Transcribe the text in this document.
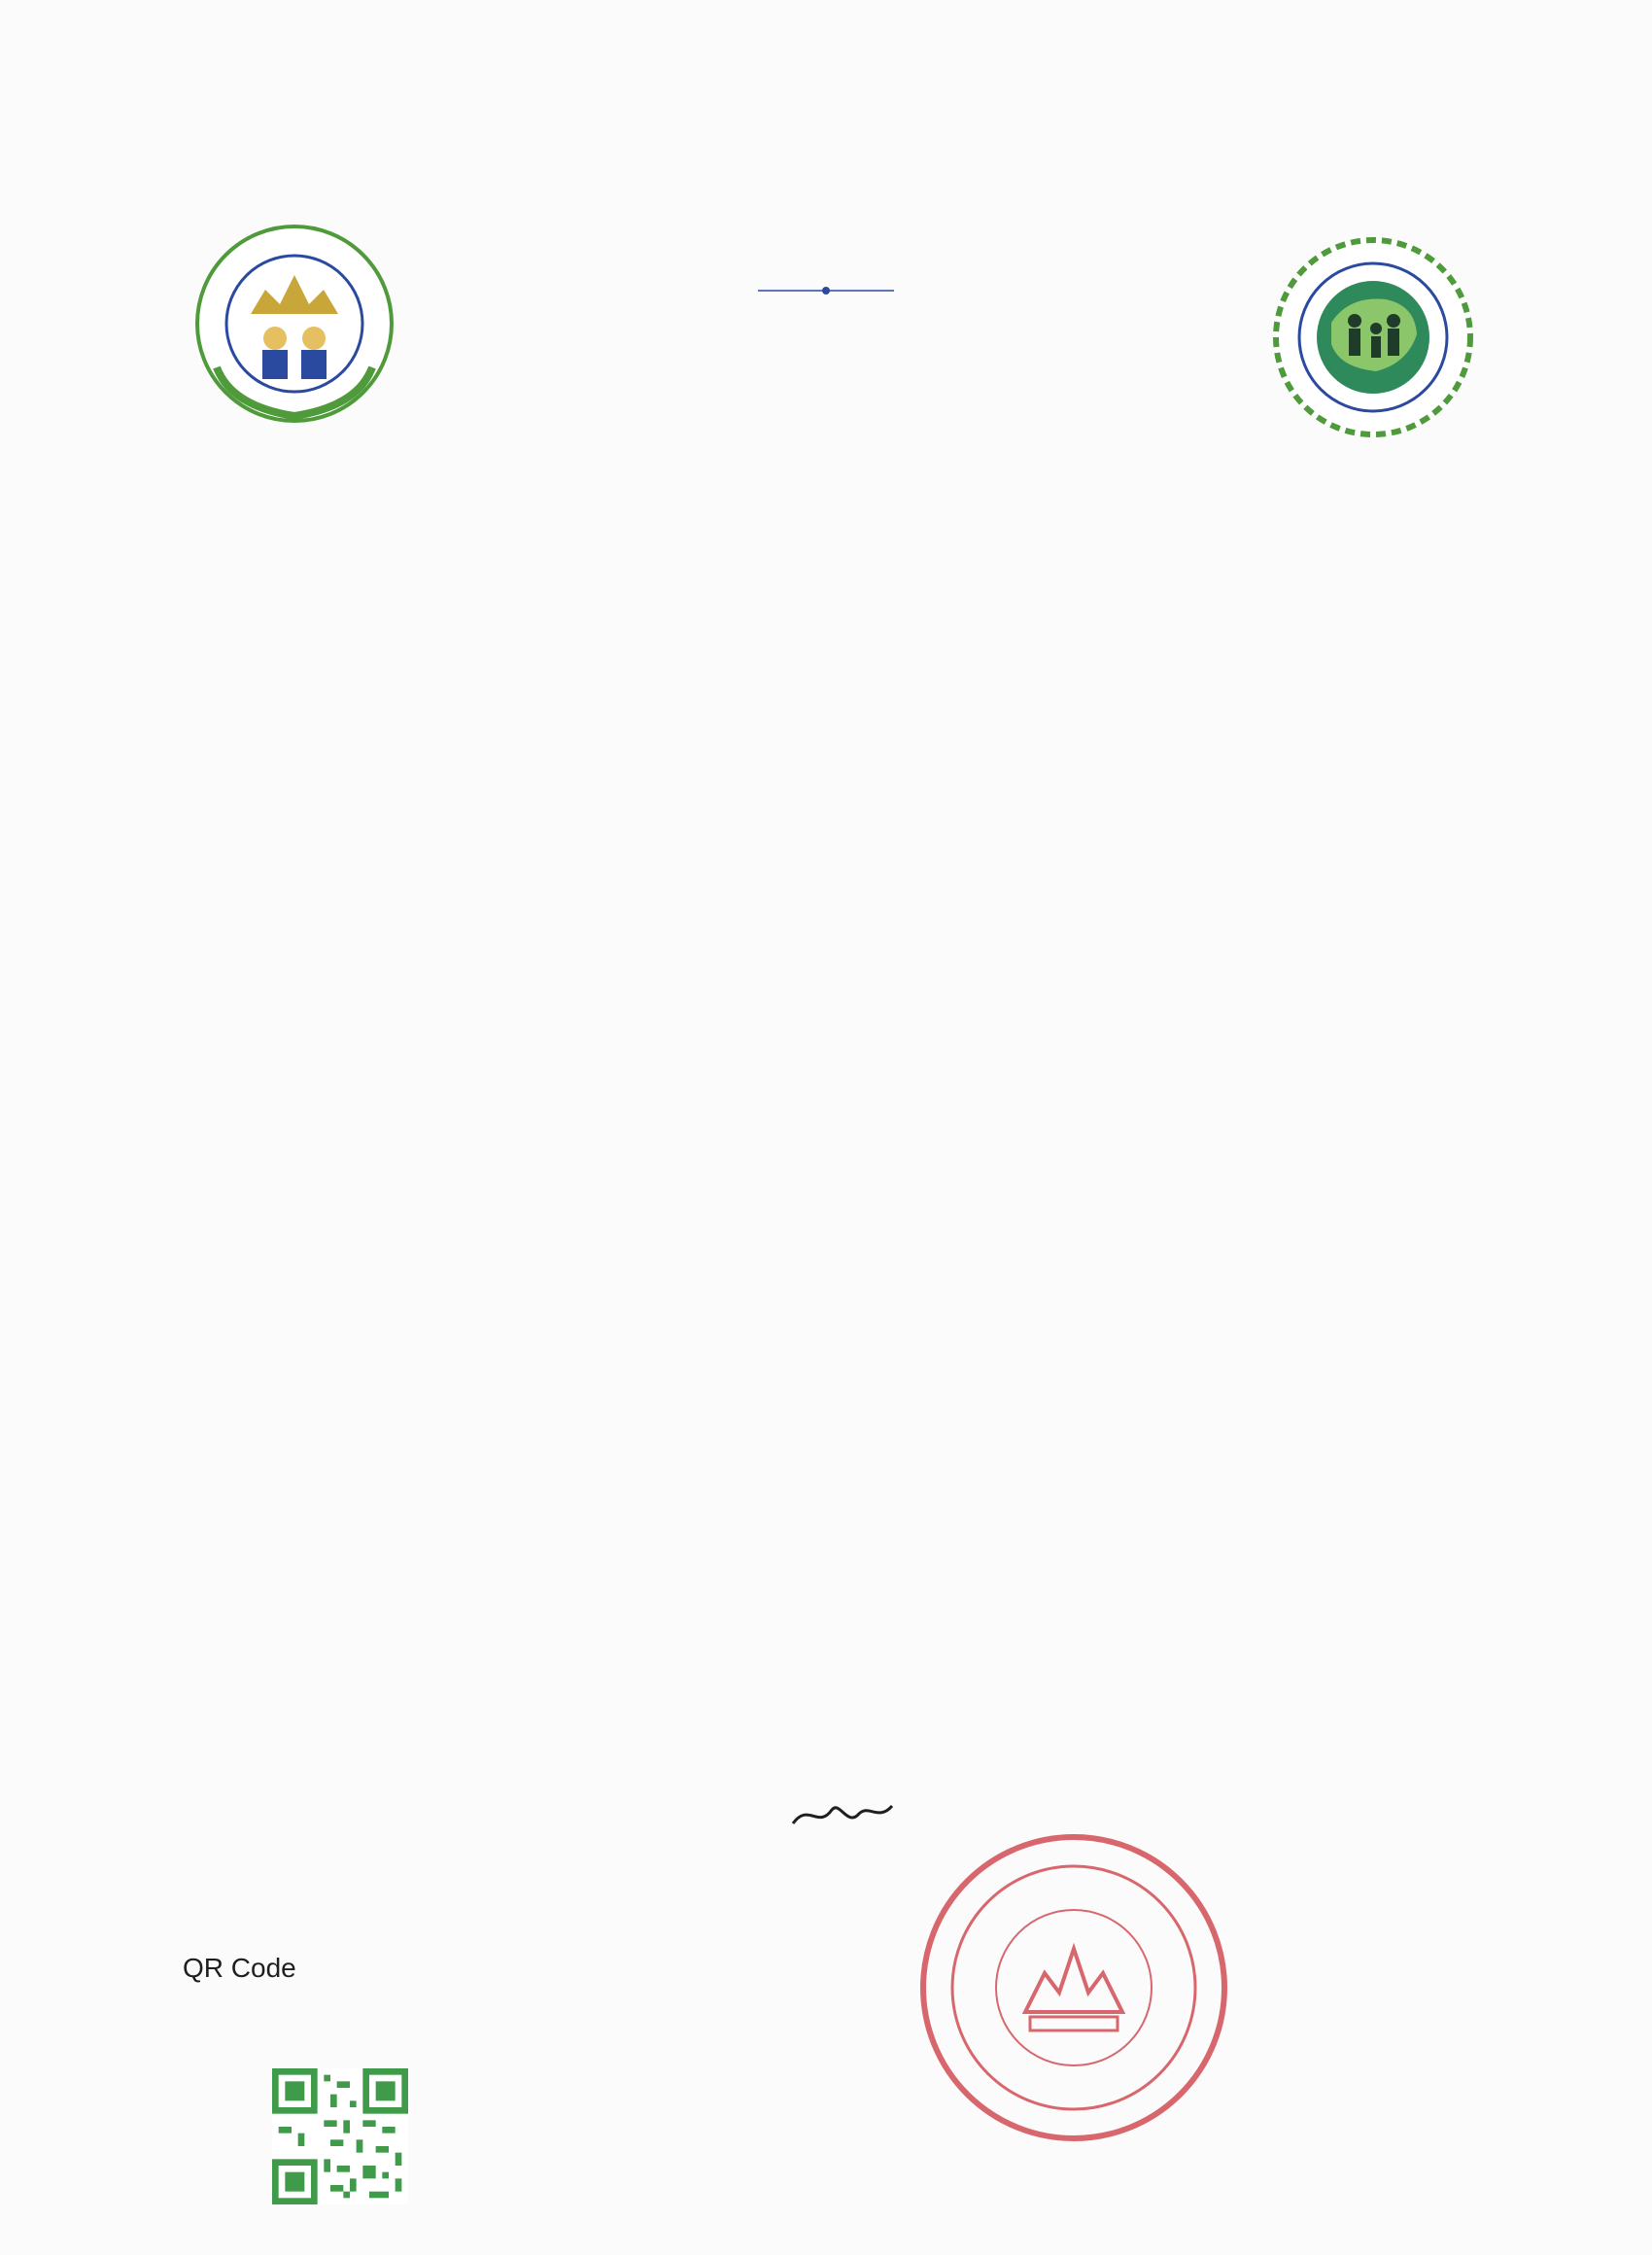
QR Code
